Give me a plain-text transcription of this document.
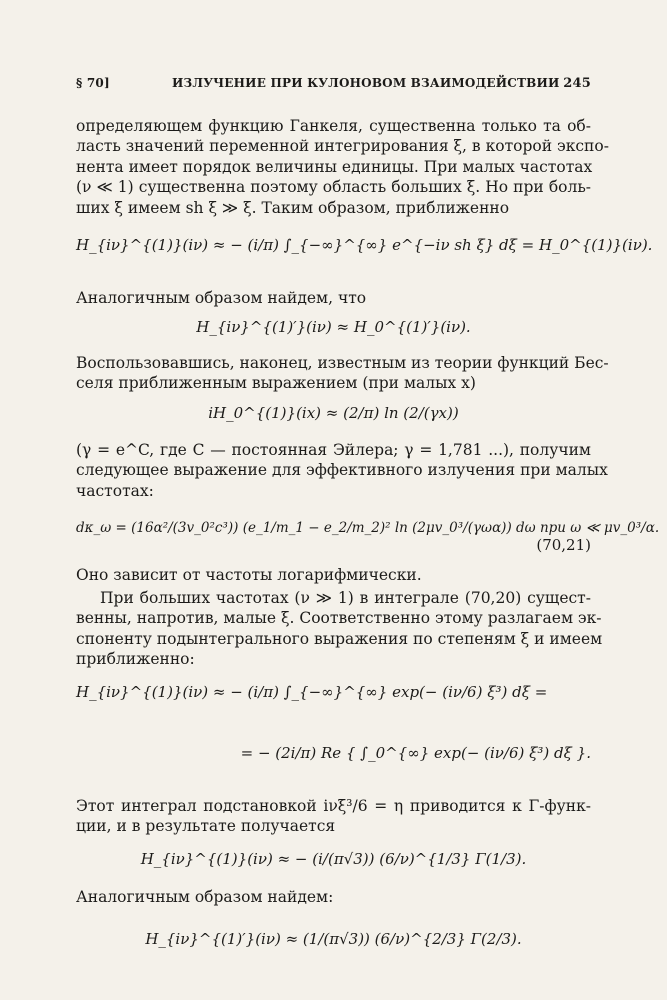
§ 70]	ИЗЛУЧЕНИЕ ПРИ КУЛОНОВОМ ВЗАИМОДЕЙСТВИИ 245
определяющем функцию Ганкеля, существенна только та об-
ласть значений переменной интегрирования ξ, в которой экспо-
нента имеет порядок величины единицы. При малых частотах
(ν ≪ 1) существенна поэтому область больших ξ. Но при боль-
ших ξ имеем sh ξ ≫ ξ. Таким образом, приближенно
H_{iν}^{(1)}(iν) ≈ − (i/π) ∫_{−∞}^{∞} e^{−iν sh ξ} dξ = H_0^{(1)}(iν).
Аналогичным образом найдем, что
H_{iν}^{(1)′}(iν) ≈ H_0^{(1)′}(iν).
Воспользовавшись, наконец, известным из теории функций Бес-
селя приближенным выражением (при малых x)
iH_0^{(1)}(ix) ≈ (2/π) ln (2/(γx))
(γ = e^C, где C — постоянная Эйлера; γ = 1,781 ...), получим
следующее выражение для эффективного излучения при малых
частотах:
dκ_ω = (16α²/(3v_0²c³)) (e_1/m_1 − e_2/m_2)² ln (2μv_0³/(γωα)) dω при ω ≪ μv_0³/α.
(70,21)
Оно зависит от частоты логарифмически.
При больших частотах (ν ≫ 1) в интеграле (70,20) сущест-
венны, напротив, малые ξ. Соответственно этому разлагаем эк-
споненту подынтегрального выражения по степеням ξ и имеем
приближенно:
H_{iν}^{(1)}(iν) ≈ − (i/π) ∫_{−∞}^{∞} exp(− (iν/6) ξ³) dξ =
= − (2i/π) Re { ∫_0^{∞} exp(− (iν/6) ξ³) dξ }.
Этот интеграл подстановкой iνξ³/6 = η приводится к Γ-функ-
ции, и в результате получается
H_{iν}^{(1)}(iν) ≈ − (i/(π√3)) (6/ν)^{1/3} Γ(1/3).
Аналогичным образом найдем:
H_{iν}^{(1)′}(iν) ≈ (1/(π√3)) (6/ν)^{2/3} Γ(2/3).
